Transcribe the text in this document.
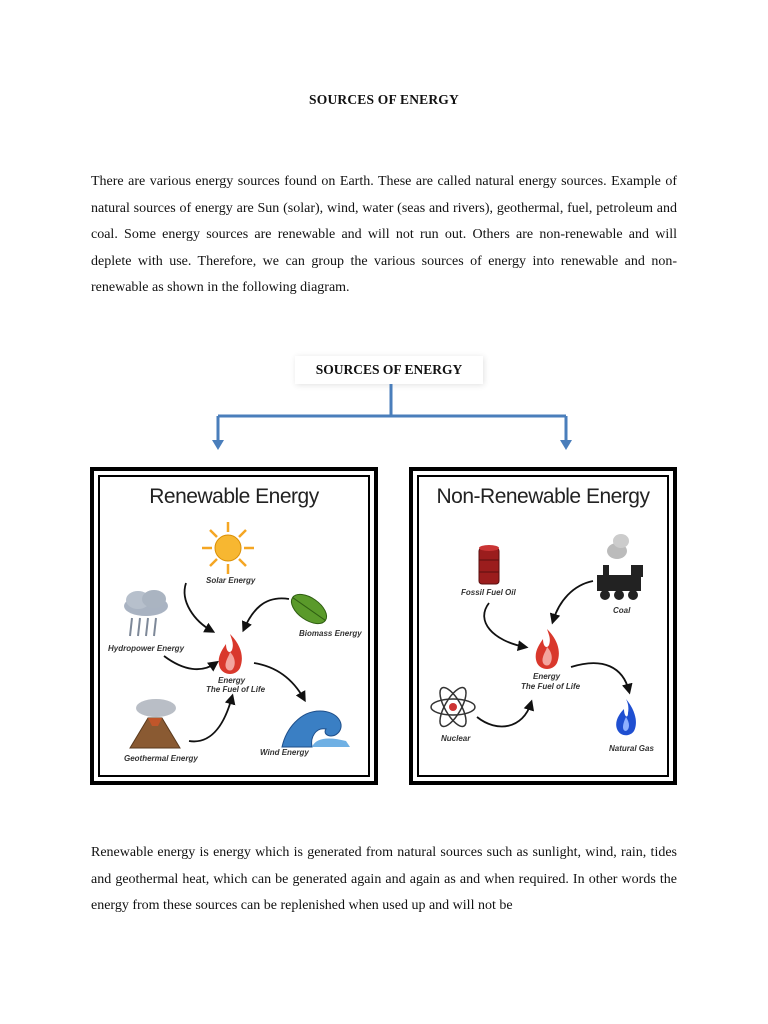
SOURCES OF ENERGY

There are various energy sources found on Earth. These are called natural energy sources. Example of natural sources of energy are Sun (solar), wind, water (seas and rivers), geothermal, fuel, petroleum and coal. Some energy sources are renewable and will not run out. Others are non-renewable and will deplete with use. Therefore, we can group the various sources of energy into renewable and non-renewable as shown in the following diagram.

SOURCES OF ENERGY
Renewable Energy
Solar Energy
Biomass Energy
Hydropower Energy
Energy
The Fuel of Life
Geothermal Energy
Wind Energy
Non-Renewable Energy
Fossil Fuel Oil
Coal
Energy
The Fuel of Life
Nuclear
Natural Gas

Renewable energy is energy which is generated from natural sources such as sunlight, wind, rain, tides and geothermal heat, which can be generated again and again as and when required. In other words the energy from these sources can be replenished when used up and will not be
